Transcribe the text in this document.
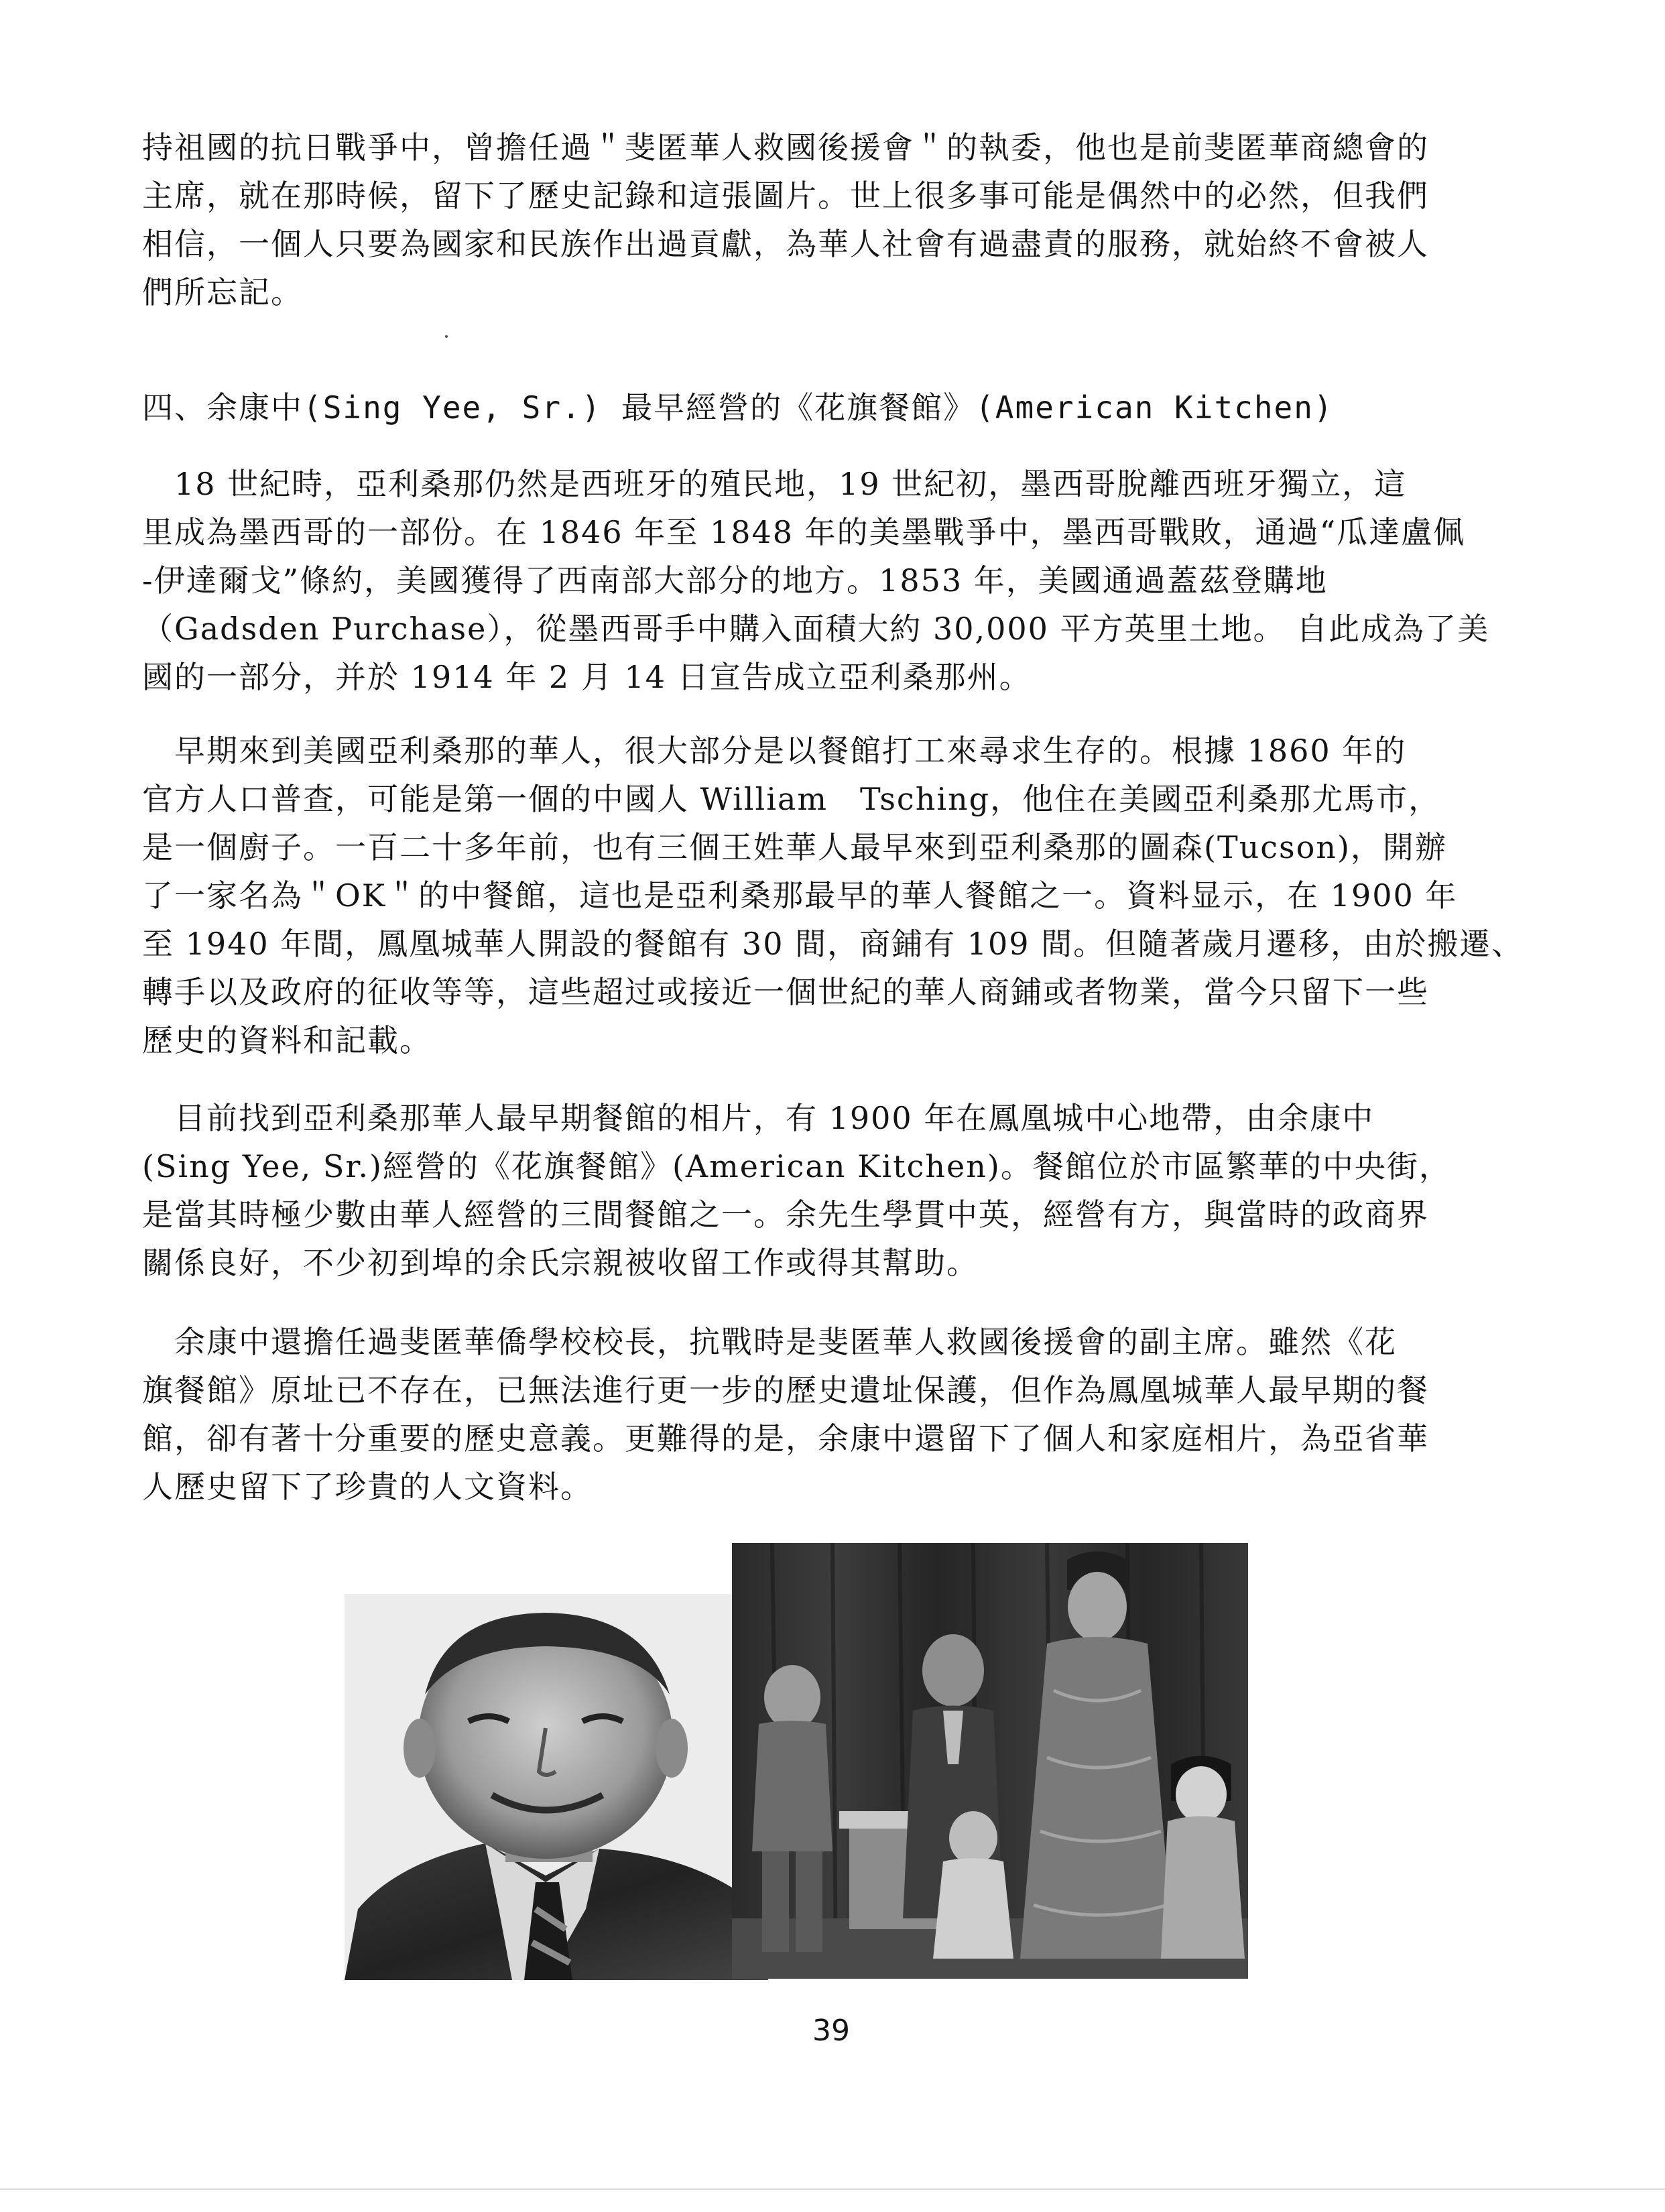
持祖國的抗日戰爭中，曾擔任過＂斐匿華人救國後援會＂的執委，他也是前斐匿華商總會的
主席，就在那時候，留下了歷史記錄和這張圖片。世上很多事可能是偶然中的必然，但我們
相信，一個人只要為國家和民族作出過貢獻，為華人社會有過盡責的服務，就始終不會被人
們所忘記。
四、余康中(Sing Yee, Sr.) 最早經營的《花旗餐館》(American Kitchen)
　18 世紀時，亞利桑那仍然是西班牙的殖民地，19 世紀初，墨西哥脫離西班牙獨立，這
里成為墨西哥的一部份。在 1846 年至 1848 年的美墨戰爭中，墨西哥戰敗，通過“瓜達盧佩
-伊達爾戈”條約，美國獲得了西南部大部分的地方。1853 年，美國通過蓋茲登購地
（Gadsden Purchase），從墨西哥手中購入面積大約 30,000 平方英里土地。 自此成為了美
國的一部分，并於 1914 年 2 月 14 日宣告成立亞利桑那州。
　早期來到美國亞利桑那的華人，很大部分是以餐館打工來尋求生存的。根據 1860 年的
官方人口普查，可能是第一個的中國人 William　Tsching，他住在美國亞利桑那尤馬市，
是一個廚子。一百二十多年前，也有三個王姓華人最早來到亞利桑那的圖森(Tucson)，開辦
了一家名為＂OK＂的中餐館，這也是亞利桑那最早的華人餐館之一。資料显示，在 1900 年
至 1940 年間，鳳凰城華人開設的餐館有 30 間，商鋪有 109 間。但隨著歲月遷移，由於搬遷、
轉手以及政府的征收等等，這些超过或接近一個世紀的華人商鋪或者物業，當今只留下一些
歷史的資料和記載。
　目前找到亞利桑那華人最早期餐館的相片，有 1900 年在鳳凰城中心地帶，由余康中
(Sing Yee, Sr.)經營的《花旗餐館》(American Kitchen)。餐館位於市區繁華的中央街，
是當其時極少數由華人經營的三間餐館之一。余先生學貫中英，經營有方，與當時的政商界
關係良好，不少初到埠的余氏宗親被收留工作或得其幫助。
　余康中還擔任過斐匿華僑學校校長，抗戰時是斐匿華人救國後援會的副主席。雖然《花
旗餐館》原址已不存在，已無法進行更一步的歷史遺址保護，但作為鳳凰城華人最早期的餐
館，卻有著十分重要的歷史意義。更難得的是，余康中還留下了個人和家庭相片，為亞省華
人歷史留下了珍貴的人文資料。
39
